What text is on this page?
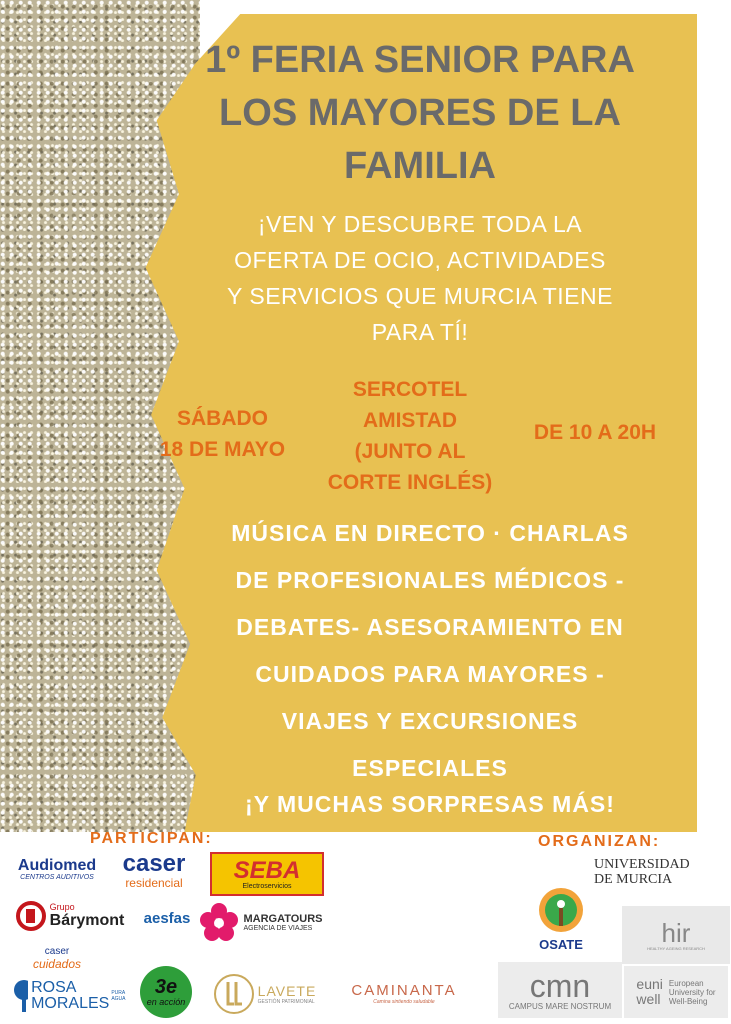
1º FERIA SENIOR PARA LOS MAYORES DE LA FAMILIA
¡VEN Y DESCUBRE TODA LA
OFERTA DE OCIO, ACTIVIDADES
Y SERVICIOS QUE MURCIA TIENE
PARA TÍ!
SÁBADO
18 DE MAYO
SERCOTEL
AMISTAD
(JUNTO AL
CORTE INGLÉS)
DE 10 A 20H
MÚSICA EN DIRECTO · CHARLAS
DE PROFESIONALES MÉDICOS -
DEBATES- ASESORAMIENTO EN
CUIDADOS PARA MAYORES -
VIAJES Y EXCURSIONES
ESPECIALES
¡Y MUCHAS SORPRESAS MÁS!
PARTICIPAN:	ORGANIZAN:
Audiomed
CENTROS AUDITIVOS caser
residencial SEBA
Electroservicios
Grupo
Bárymont aesfas	MARGATOURS
AGENCIA DE VIAJES
caser
cuidados
ROSA
MORALES
PURA AGUA
3e
en acción
LAVETE
GESTIÓN PATRIMONIAL
CAMINANTA
Camina sintiendo saludable
UNIVERSIDAD
DE MURCIA
OSATE	hir
HEALTHY AGEING RESEARCH
cmn
CAMPUS MARE NOSTRUM
euni
well
European
University for
Well-Being
